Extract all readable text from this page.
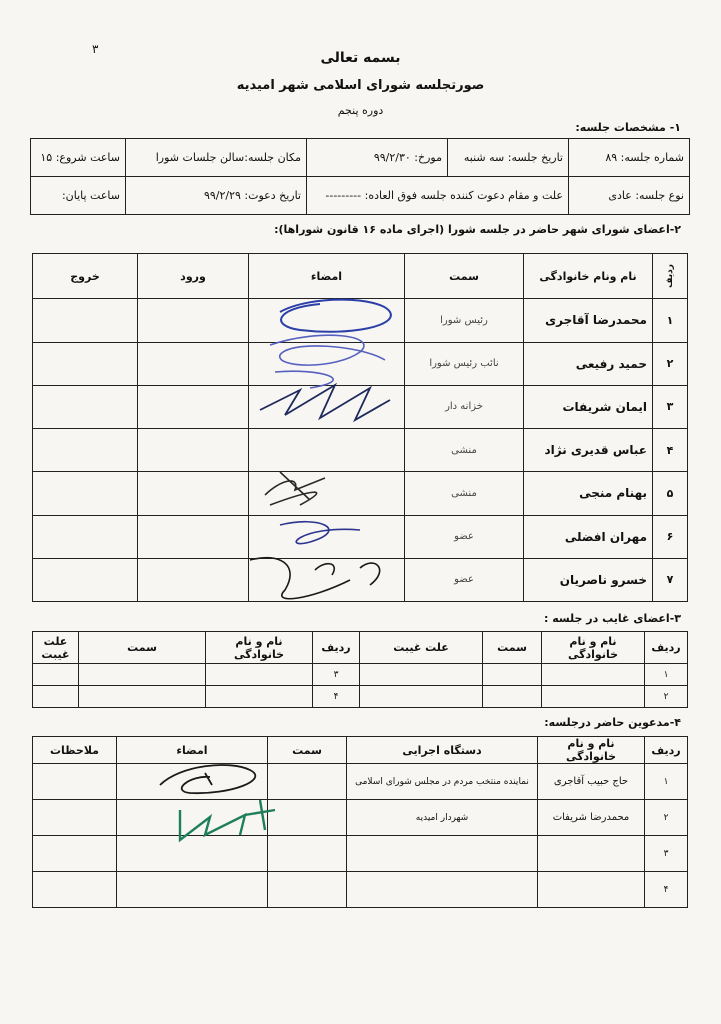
۳
بسمه تعالی
صورتجلسه شورای اسلامی شهر امیدیه
دوره پنجم
۱- مشخصات جلسه:
شماره جلسه: ۸۹	تاریخ جلسه: سه شنبه	مورخ: ۹۹/۲/۳۰	مکان جلسه:سالن جلسات شورا	ساعت شروع: ۱۵
نوع جلسه: عادی	علت و مقام دعوت کننده جلسه فوق العاده: ---------		تاریخ دعوت: ۹۹/۲/۲۹	ساعت پایان:
۲-اعضای شورای شهر حاضر در جلسه شورا (اجرای ماده ۱۶ قانون شوراها):
ردیف	نام ونام خانوادگی	سمت	امضاء	ورود	خروج
۱	محمدرضا آقاجری	رئیس شورا			
۲	حمید رفیعی	نائب رئیس شورا			
۳	ایمان شریفات	خزانه دار			
۴	عباس قدیری نژاد	منشی			
۵	بهنام منجی	منشی			
۶	مهران افضلی	عضو			
۷	خسرو ناصریان	عضو			
۳-اعضای غایب در جلسه :
ردیف	نام و نام خانوادگی	سمت	علت غیبت	ردیف	نام و نام خانوادگی	سمت	علت غیبت
۱				۳			
۲				۴			
۴-مدعوین حاضر درجلسه:
ردیف	نام و نام خانوادگی	دستگاه اجرایی	سمت	امضاء	ملاحظات
۱	حاج حبیب آقاجری	نماینده منتخب مردم در مجلس شورای اسلامی			
۲	محمدرضا شریفات	شهردار امیدیه			
۳					
۴					
